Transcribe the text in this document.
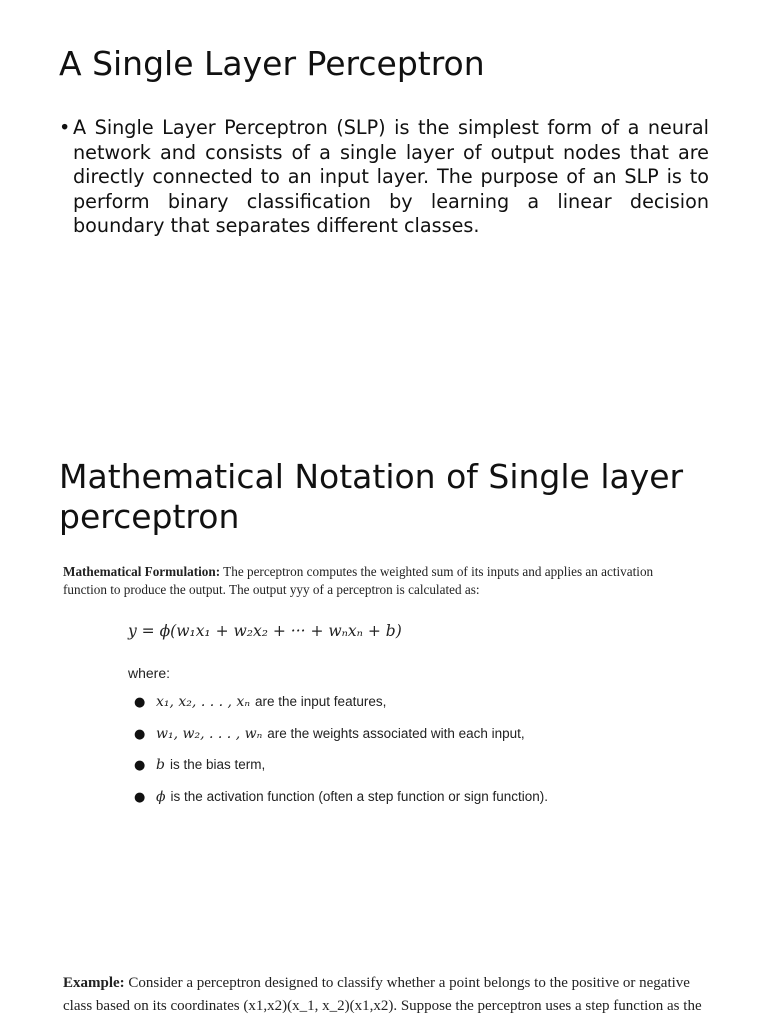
A Single Layer Perceptron
• A Single Layer Perceptron (SLP) is the simplest form of a neural network and consists of a single layer of output nodes that are directly connected to an input layer. The purpose of an SLP is to perform binary classification by learning a linear decision boundary that separates different classes.
Mathematical Notation of Single layer perceptron

Mathematical Formulation: The perceptron computes the weighted sum of its inputs and applies an activation function to produce the output. The output yyy of a perceptron is calculated as:

y = ϕ(w₁x₁ + w₂x₂ + ··· + wₙxₙ + b)
where:
● x₁, x₂, . . . , xₙ are the input features,
● w₁, w₂, . . . , wₙ are the weights associated with each input,
● b is the bias term,
● ϕ is the activation function (often a step function or sign function).

Example: Consider a perceptron designed to classify whether a point belongs to the positive or negative class based on its coordinates (x1,x2)(x_1, x_2)(x1,x2). Suppose the perceptron uses a step function as the
